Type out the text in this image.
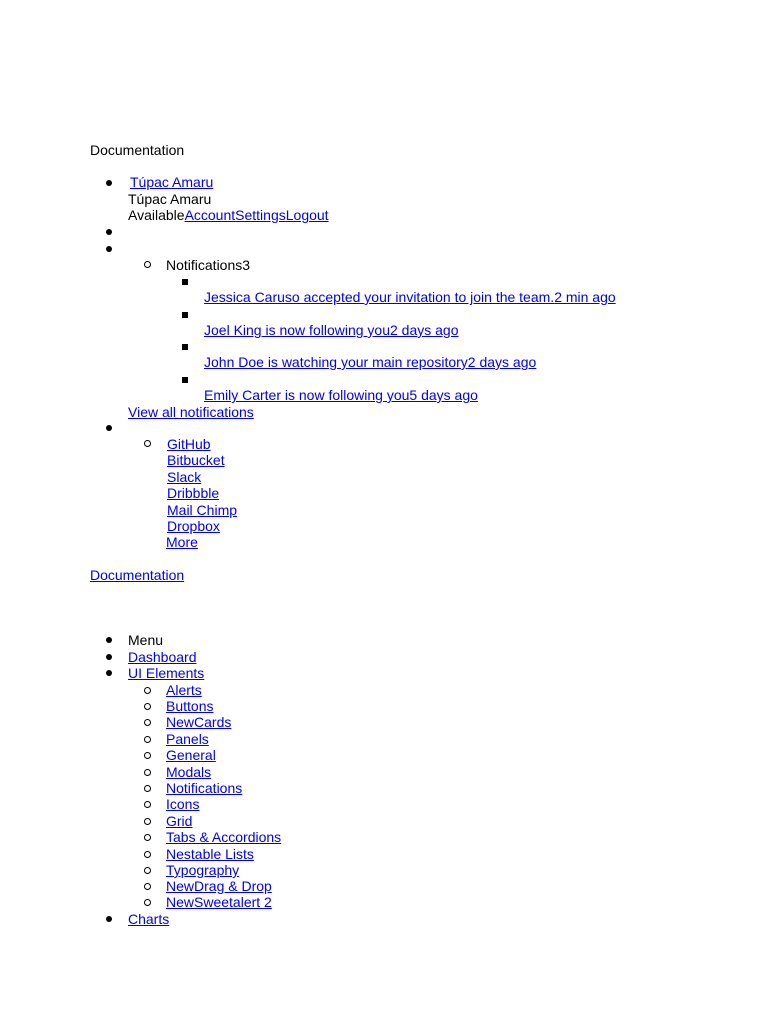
Documentation
Túpac Amaru
Túpac Amaru
AvailableAccountSettingsLogout
Notifications3
Jessica Caruso accepted your invitation to join the team.2 min ago
Joel King is now following you2 days ago
John Doe is watching your main repository2 days ago
Emily Carter is now following you5 days ago
View all notifications
GitHub
Bitbucket
Slack
Dribbble
Mail Chimp
Dropbox
More
Documentation
Menu
Dashboard
UI Elements
Alerts
Buttons
NewCards
Panels
General
Modals
Notifications
Icons
Grid
Tabs & Accordions
Nestable Lists
Typography
NewDrag & Drop
NewSweetalert 2
Charts
